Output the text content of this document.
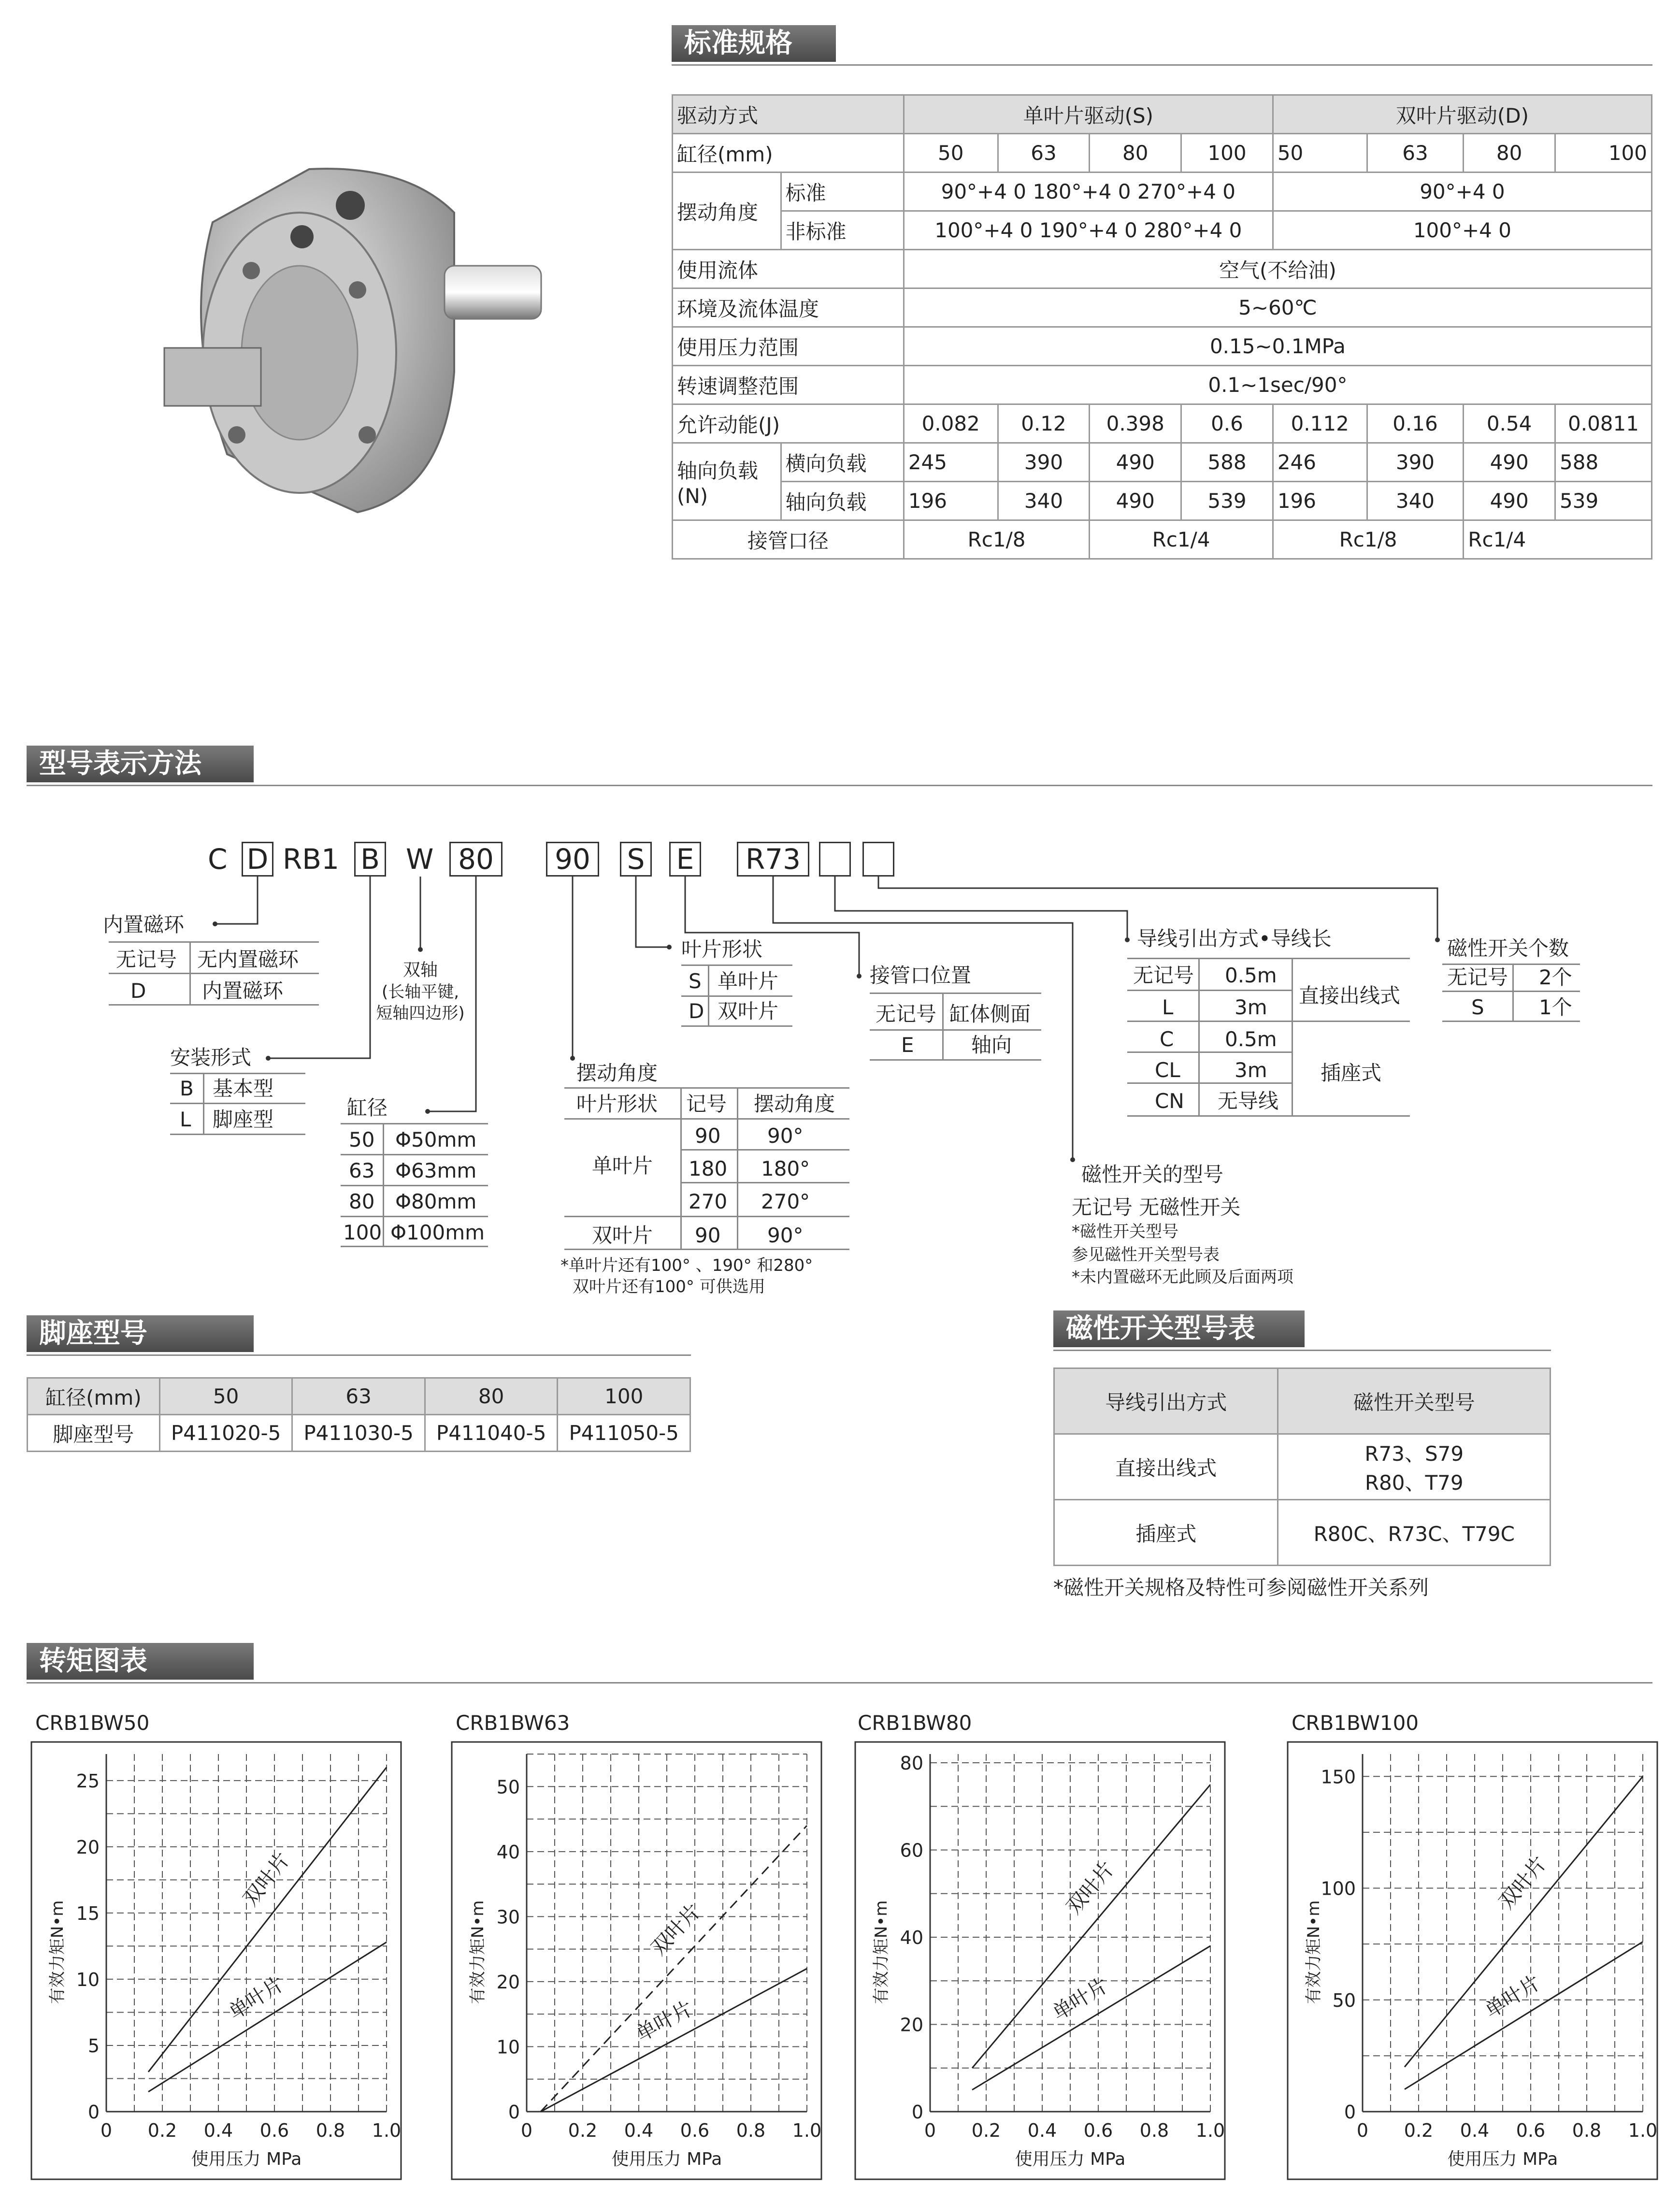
标准规格
驱动方式		单叶片驱动(S)				双叶片驱动(D)			
缸径(mm)		50	63	80	100	50	63	80	100
摆动角度	标准	90°+4 0 180°+4 0 270°+4 0				90°+4 0			
	非标准	100°+4 0 190°+4 0 280°+4 0				100°+4 0			
使用流体		空气(不给油)							
环境及流体温度		5~60℃							
使用压力范围		0.15~0.1MPa							
转速调整范围		0.1~1sec/90°							
允许动能(J)		0.082	0.12	0.398	0.6	0.112	0.16	0.54	0.0811
轴向负载(N)	横向负载	245	390	490	588	246	390	490	588
	轴向负载	196	340	490	539	196	340	490	539
接管口径		Rc1/8		Rc1/4		Rc1/8		Rc1/4	
型号表示方法
C D RB1 B W 80	90	S E	R73
内置磁环
无记号 无内置磁环
D	内置磁环
双轴
(长轴平键,
短轴四边形)
安装形式
B 基本型
L 脚座型	缸径
50 Φ50mm
63 Φ63mm
80 Φ80mm
100 Φ100mm
叶片形状
S 单叶片
D 双叶片
摆动角度
叶片形状 记号 摆动角度
单叶片
90 90°
180 180°
270 270°
双叶片 90 90°
*单叶片还有100° 、190° 和280°
双叶片还有100° 可供选用
接管口位置
无记号 缸体侧面
E	轴向
导线引出方式•导线长
无记号 0.5m
L	3m
C	0.5m
CL	3m
CN 无导线
直接出线式
插座式
磁性开关个数
无记号 2个
S	1个
磁性开关的型号
无记号 无磁性开关
*磁性开关型号
参见磁性开关型号表
*未内置磁环无此顾及后面两项
脚座型号
缸径(mm)	50	63	80	100
脚座型号	P411020-5	P411030-5	P411040-5	P411050-5
磁性开关型号表
导线引出方式	磁性开关型号
直接出线式	R73、S79
R80、T79

插座式	R80C、R73C、T79C
*磁性开关规格及特性可参阅磁性开关系列
转矩图表
CRB1BW50	CRB1BW63	CRB1BW80	CRB1BW100
0
5
10
15
20
25
0 0.2 0.4 0.6 0.8 1.0
使用压力 MPa
有效力矩N•m
双叶片
单叶片
0
10
20
30
40
50
0 0.2 0.4 0.6 0.8 1.0
使用压力 MPa
有效力矩N•m	双叶片
单叶片
0
20
40
60
80
0 0.2 0.4 0.6 0.8 1.0
使用压力 MPa
有效力矩N•m
双叶片
单叶片
0
50
100
150
0 0.2 0.4 0.6 0.8 1.0
使用压力 MPa
有效力矩N•m
双叶片
单叶片
